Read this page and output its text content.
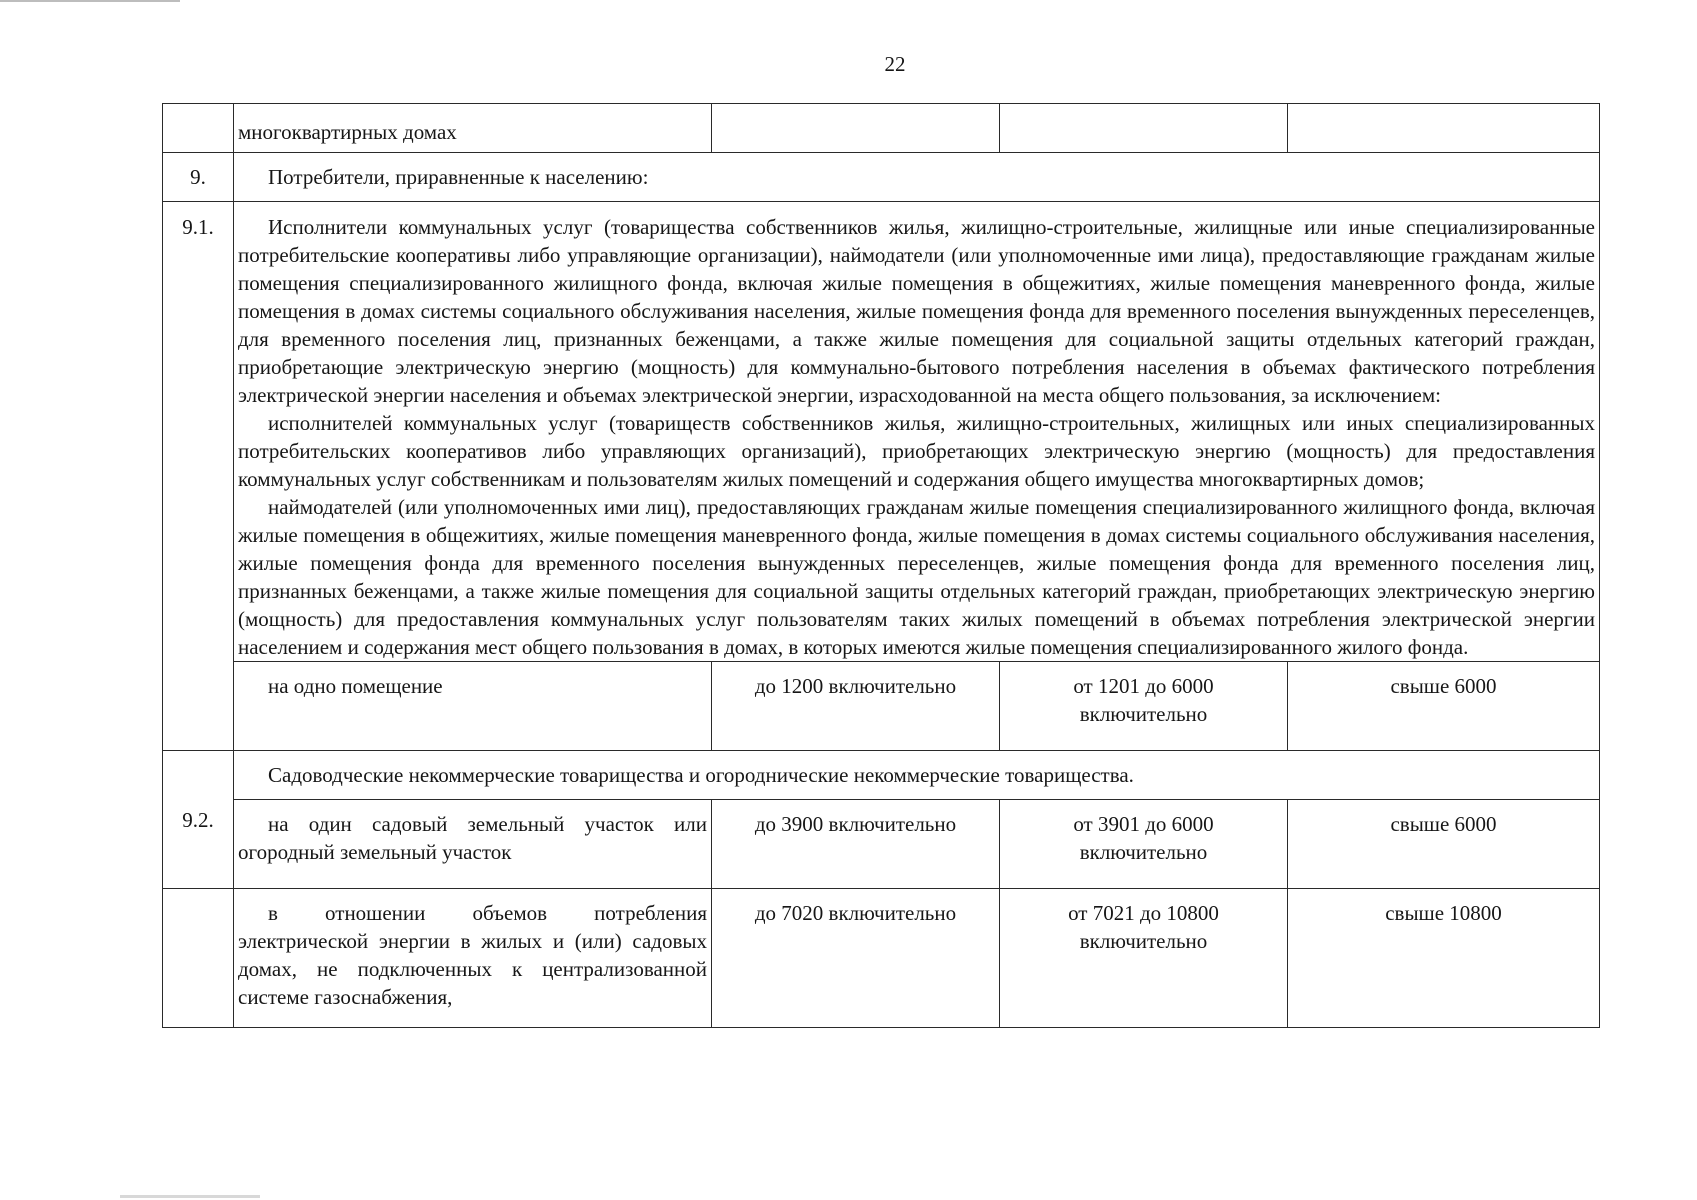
22
	многоквартирных домах			
9.	Потребители, приравненные к населению:			
9.1.	Исполнители коммунальных услуг (товарищества собственников жилья, жилищно-строительные, жилищные или иные специализированные потребительские кооперативы либо управляющие организации), наймодатели (или уполномоченные ими лица), предоставляющие гражданам жилые помещения специализированного жилищного фонда, включая жилые помещения в общежитиях, жилые помещения маневренного фонда, жилые помещения в домах системы социального обслуживания населения, жилые помещения фонда для временного поселения вынужденных переселенцев, для временного поселения лиц, признанных беженцами, а также жилые помещения для социальной защиты отдельных категорий граждан, приобретающие электрическую энергию (мощность) для коммунально-бытового потребления населения в объемах фактического потребления электрической энергии населения и объемах электрической энергии, израсходованной на места общего пользования, за исключением:

исполнителей коммунальных услуг (товариществ собственников жилья, жилищно-строительных, жилищных или иных специализированных потребительских кооперативов либо управляющих организаций), приобретающих электрическую энергию (мощность) для предоставления коммунальных услуг собственникам и пользователям жилых помещений и содержания общего имущества многоквартирных домов;

наймодателей (или уполномоченных ими лиц), предоставляющих гражданам жилые помещения специализированного жилищного фонда, включая жилые помещения в общежитиях, жилые помещения маневренного фонда, жилые помещения в домах системы социального обслуживания населения, жилые помещения фонда для временного поселения вынужденных переселенцев, жилые помещения фонда для временного поселения лиц, признанных беженцами, а также жилые помещения для социальной защиты отдельных категорий граждан, приобретающих электрическую энергию (мощность) для предоставления коммунальных услуг пользователям таких жилых помещений в объемах потребления электрической энергии населением и содержания мест общего пользования в домах, в которых имеются жилые помещения специализированного жилого фонда.			

	на одно помещение	до 1200 включительно	от 1201 до 6000 включительно	свыше 6000
9.2.	Садоводческие некоммерческие товарищества и огороднические некоммерческие товарищества.			
	на один садовый земельный участок или огородный земельный участок	до 3900 включительно	от 3901 до 6000 включительно	свыше 6000
	в отношении объемов потребления электрической энергии в жилых и (или) садовых домах, не подключенных к централизованной системе газоснабжения,	до 7020 включительно	от 7021 до 10800 включительно	свыше 10800
